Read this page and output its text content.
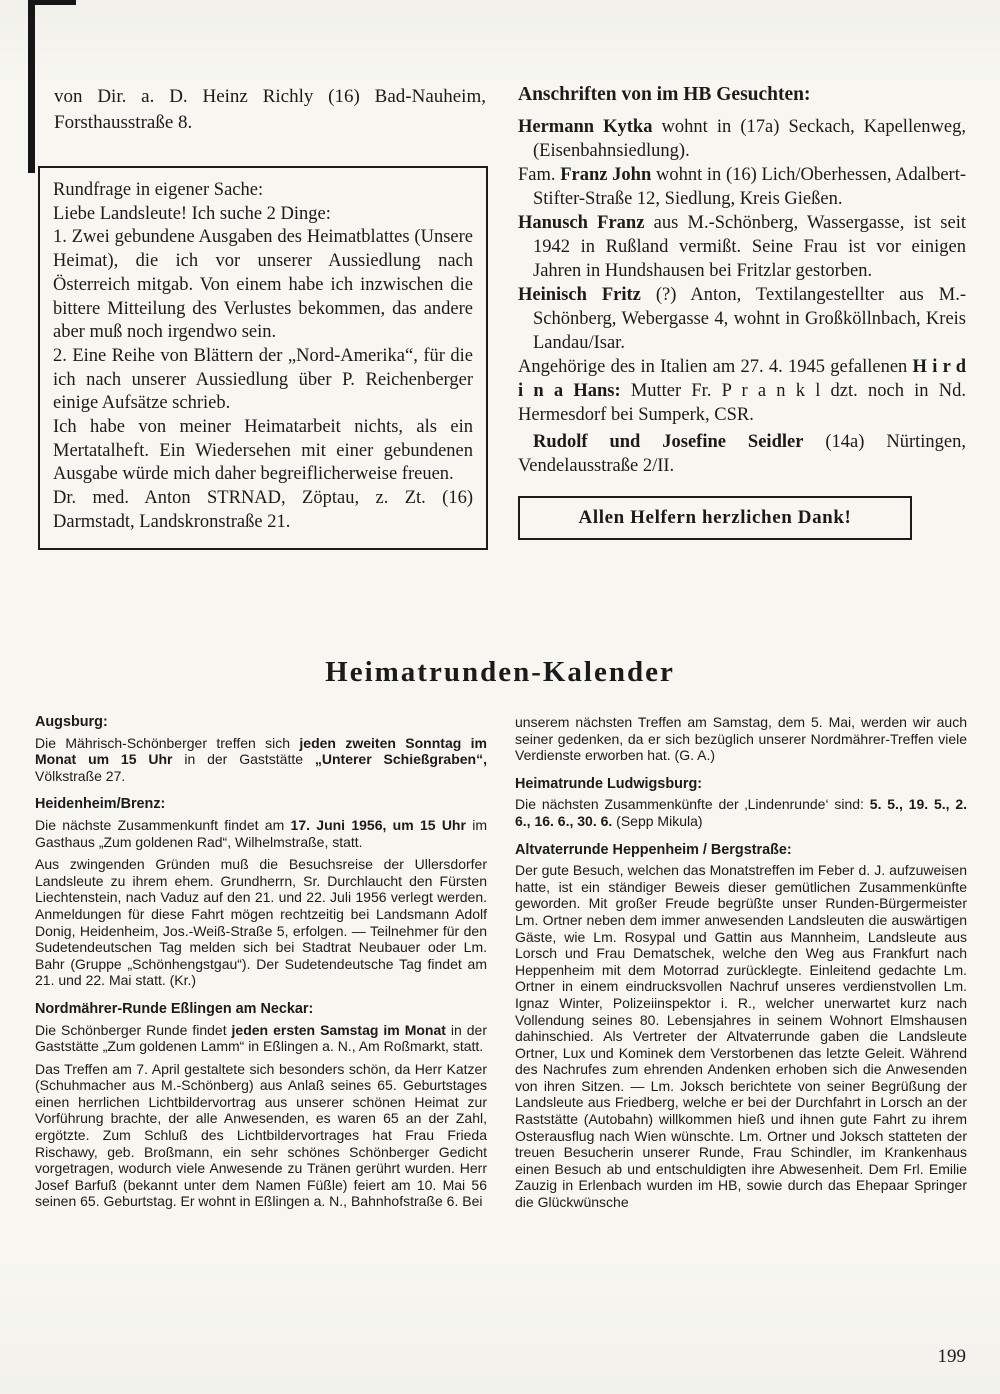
von Dir. a. D. Heinz Richly (16) Bad-Nauheim, Forsthausstraße 8.

Rundfrage in eigener Sache:

Liebe Landsleute! Ich suche 2 Dinge:

1. Zwei gebundene Ausgaben des Heimatblattes (Unsere Heimat), die ich vor unserer Aussiedlung nach Österreich mitgab. Von einem habe ich inzwischen die bittere Mitteilung des Verlustes bekommen, das andere aber muß noch irgendwo sein.

2. Eine Reihe von Blättern der „Nord-Amerika“, für die ich nach unserer Aussiedlung über P. Reichenberger einige Aufsätze schrieb.

Ich habe von meiner Heimatarbeit nichts, als ein Mertatalheft. Ein Wiedersehen mit einer gebundenen Ausgabe würde mich daher begreiflicherweise freuen.

Dr. med. Anton STRNAD, Zöptau, z. Zt. (16) Darmstadt, Landskronstraße 21.

Anschriften von im HB Gesuchten:

Hermann Kytka wohnt in (17a) Seckach, Kapellenweg, (Eisenbahnsiedlung).

Fam. Franz John wohnt in (16) Lich/Oberhessen, Adalbert-Stifter-Straße 12, Siedlung, Kreis Gießen.

Hanusch Franz aus M.-Schönberg, Wassergasse, ist seit 1942 in Rußland vermißt. Seine Frau ist vor einigen Jahren in Hundshausen bei Fritzlar gestorben.

Heinisch Fritz (?) Anton, Textilangestellter aus M.-Schönberg, Webergasse 4, wohnt in Großköllnbach, Kreis Landau/Isar.

Angehörige des in Italien am 27. 4. 1945 gefallenen H i r d i n a Hans: Mutter Fr. P r a n k l dzt. noch in Nd. Hermesdorf bei Sumperk, CSR.

Rudolf und Josefine Seidler (14a) Nürtingen, Vendelausstraße 2/II.

Allen Helfern herzlichen Dank!
Heimatrunden-Kalender
Augsburg:

Die Mährisch-Schönberger treffen sich jeden zweiten Sonntag im Monat um 15 Uhr in der Gaststätte „Unterer Schießgraben“, Völkstraße 27.

Heidenheim/Brenz:

Die nächste Zusammenkunft findet am 17. Juni 1956, um 15 Uhr im Gasthaus „Zum goldenen Rad“, Wilhelmstraße, statt.

Aus zwingenden Gründen muß die Besuchsreise der Ullersdorfer Landsleute zu ihrem ehem. Grundherrn, Sr. Durchlaucht den Fürsten Liechtenstein, nach Vaduz auf den 21. und 22. Juli 1956 verlegt werden. Anmeldungen für diese Fahrt mögen rechtzeitig bei Landsmann Adolf Donig, Heidenheim, Jos.-Weiß-Straße 5, erfolgen. — Teilnehmer für den Sudetendeutschen Tag melden sich bei Stadtrat Neubauer oder Lm. Bahr (Gruppe „Schönhengstgau“). Der Sudetendeutsche Tag findet am 21. und 22. Mai statt. (Kr.)

Nordmährer-Runde Eßlingen am Neckar:

Die Schönberger Runde findet jeden ersten Samstag im Monat in der Gaststätte „Zum goldenen Lamm“ in Eßlingen a. N., Am Roßmarkt, statt.

Das Treffen am 7. April gestaltete sich besonders schön, da Herr Katzer (Schuhmacher aus M.-Schönberg) aus Anlaß seines 65. Geburtstages einen herrlichen Lichtbildervortrag aus unserer schönen Heimat zur Vorführung brachte, der alle Anwesenden, es waren 65 an der Zahl, ergötzte. Zum Schluß des Lichtbildervortrages hat Frau Frieda Rischawy, geb. Broßmann, ein sehr schönes Schönberger Gedicht vorgetragen, wodurch viele Anwesende zu Tränen gerührt wurden. Herr Josef Barfuß (bekannt unter dem Namen Füßle) feiert am 10. Mai 56 seinen 65. Geburtstag. Er wohnt in Eßlingen a. N., Bahnhofstraße 6. Bei

unserem nächsten Treffen am Samstag, dem 5. Mai, werden wir auch seiner gedenken, da er sich bezüglich unserer Nordmährer-Treffen viele Verdienste erworben hat. (G. A.)

Heimatrunde Ludwigsburg:

Die nächsten Zusammenkünfte der ‚Lindenrunde‘ sind: 5. 5., 19. 5., 2. 6., 16. 6., 30. 6. (Sepp Mikula)

Altvaterrunde Heppenheim / Bergstraße:

Der gute Besuch, welchen das Monatstreffen im Feber d. J. aufzuweisen hatte, ist ein ständiger Beweis dieser gemütlichen Zusammenkünfte geworden. Mit großer Freude begrüßte unser Runden-Bürgermeister Lm. Ortner neben dem immer anwesenden Landsleuten die auswärtigen Gäste, wie Lm. Rosypal und Gattin aus Mannheim, Landsleute aus Lorsch und Frau Dematschek, welche den Weg aus Frankfurt nach Heppenheim mit dem Motorrad zurücklegte. Einleitend gedachte Lm. Ortner in einem eindrucksvollen Nachruf unseres verdienstvollen Lm. Ignaz Winter, Polizeiinspektor i. R., welcher unerwartet kurz nach Vollendung seines 80. Lebensjahres in seinem Wohnort Elmshausen dahinschied. Als Vertreter der Altvaterrunde gaben die Landsleute Ortner, Lux und Kominek dem Verstorbenen das letzte Geleit. Während des Nachrufes zum ehrenden Andenken erhoben sich die Anwesenden von ihren Sitzen. — Lm. Joksch berichtete von seiner Begrüßung der Landsleute aus Friedberg, welche er bei der Durchfahrt in Lorsch an der Raststätte (Autobahn) willkommen hieß und ihnen gute Fahrt zu ihrem Osterausflug nach Wien wünschte. Lm. Ortner und Joksch statteten der treuen Besucherin unserer Runde, Frau Schindler, im Krankenhaus einen Besuch ab und entschuldigten ihre Abwesenheit. Dem Frl. Emilie Zauzig in Erlenbach wurden im HB, sowie durch das Ehepaar Springer die Glückwünsche

199
